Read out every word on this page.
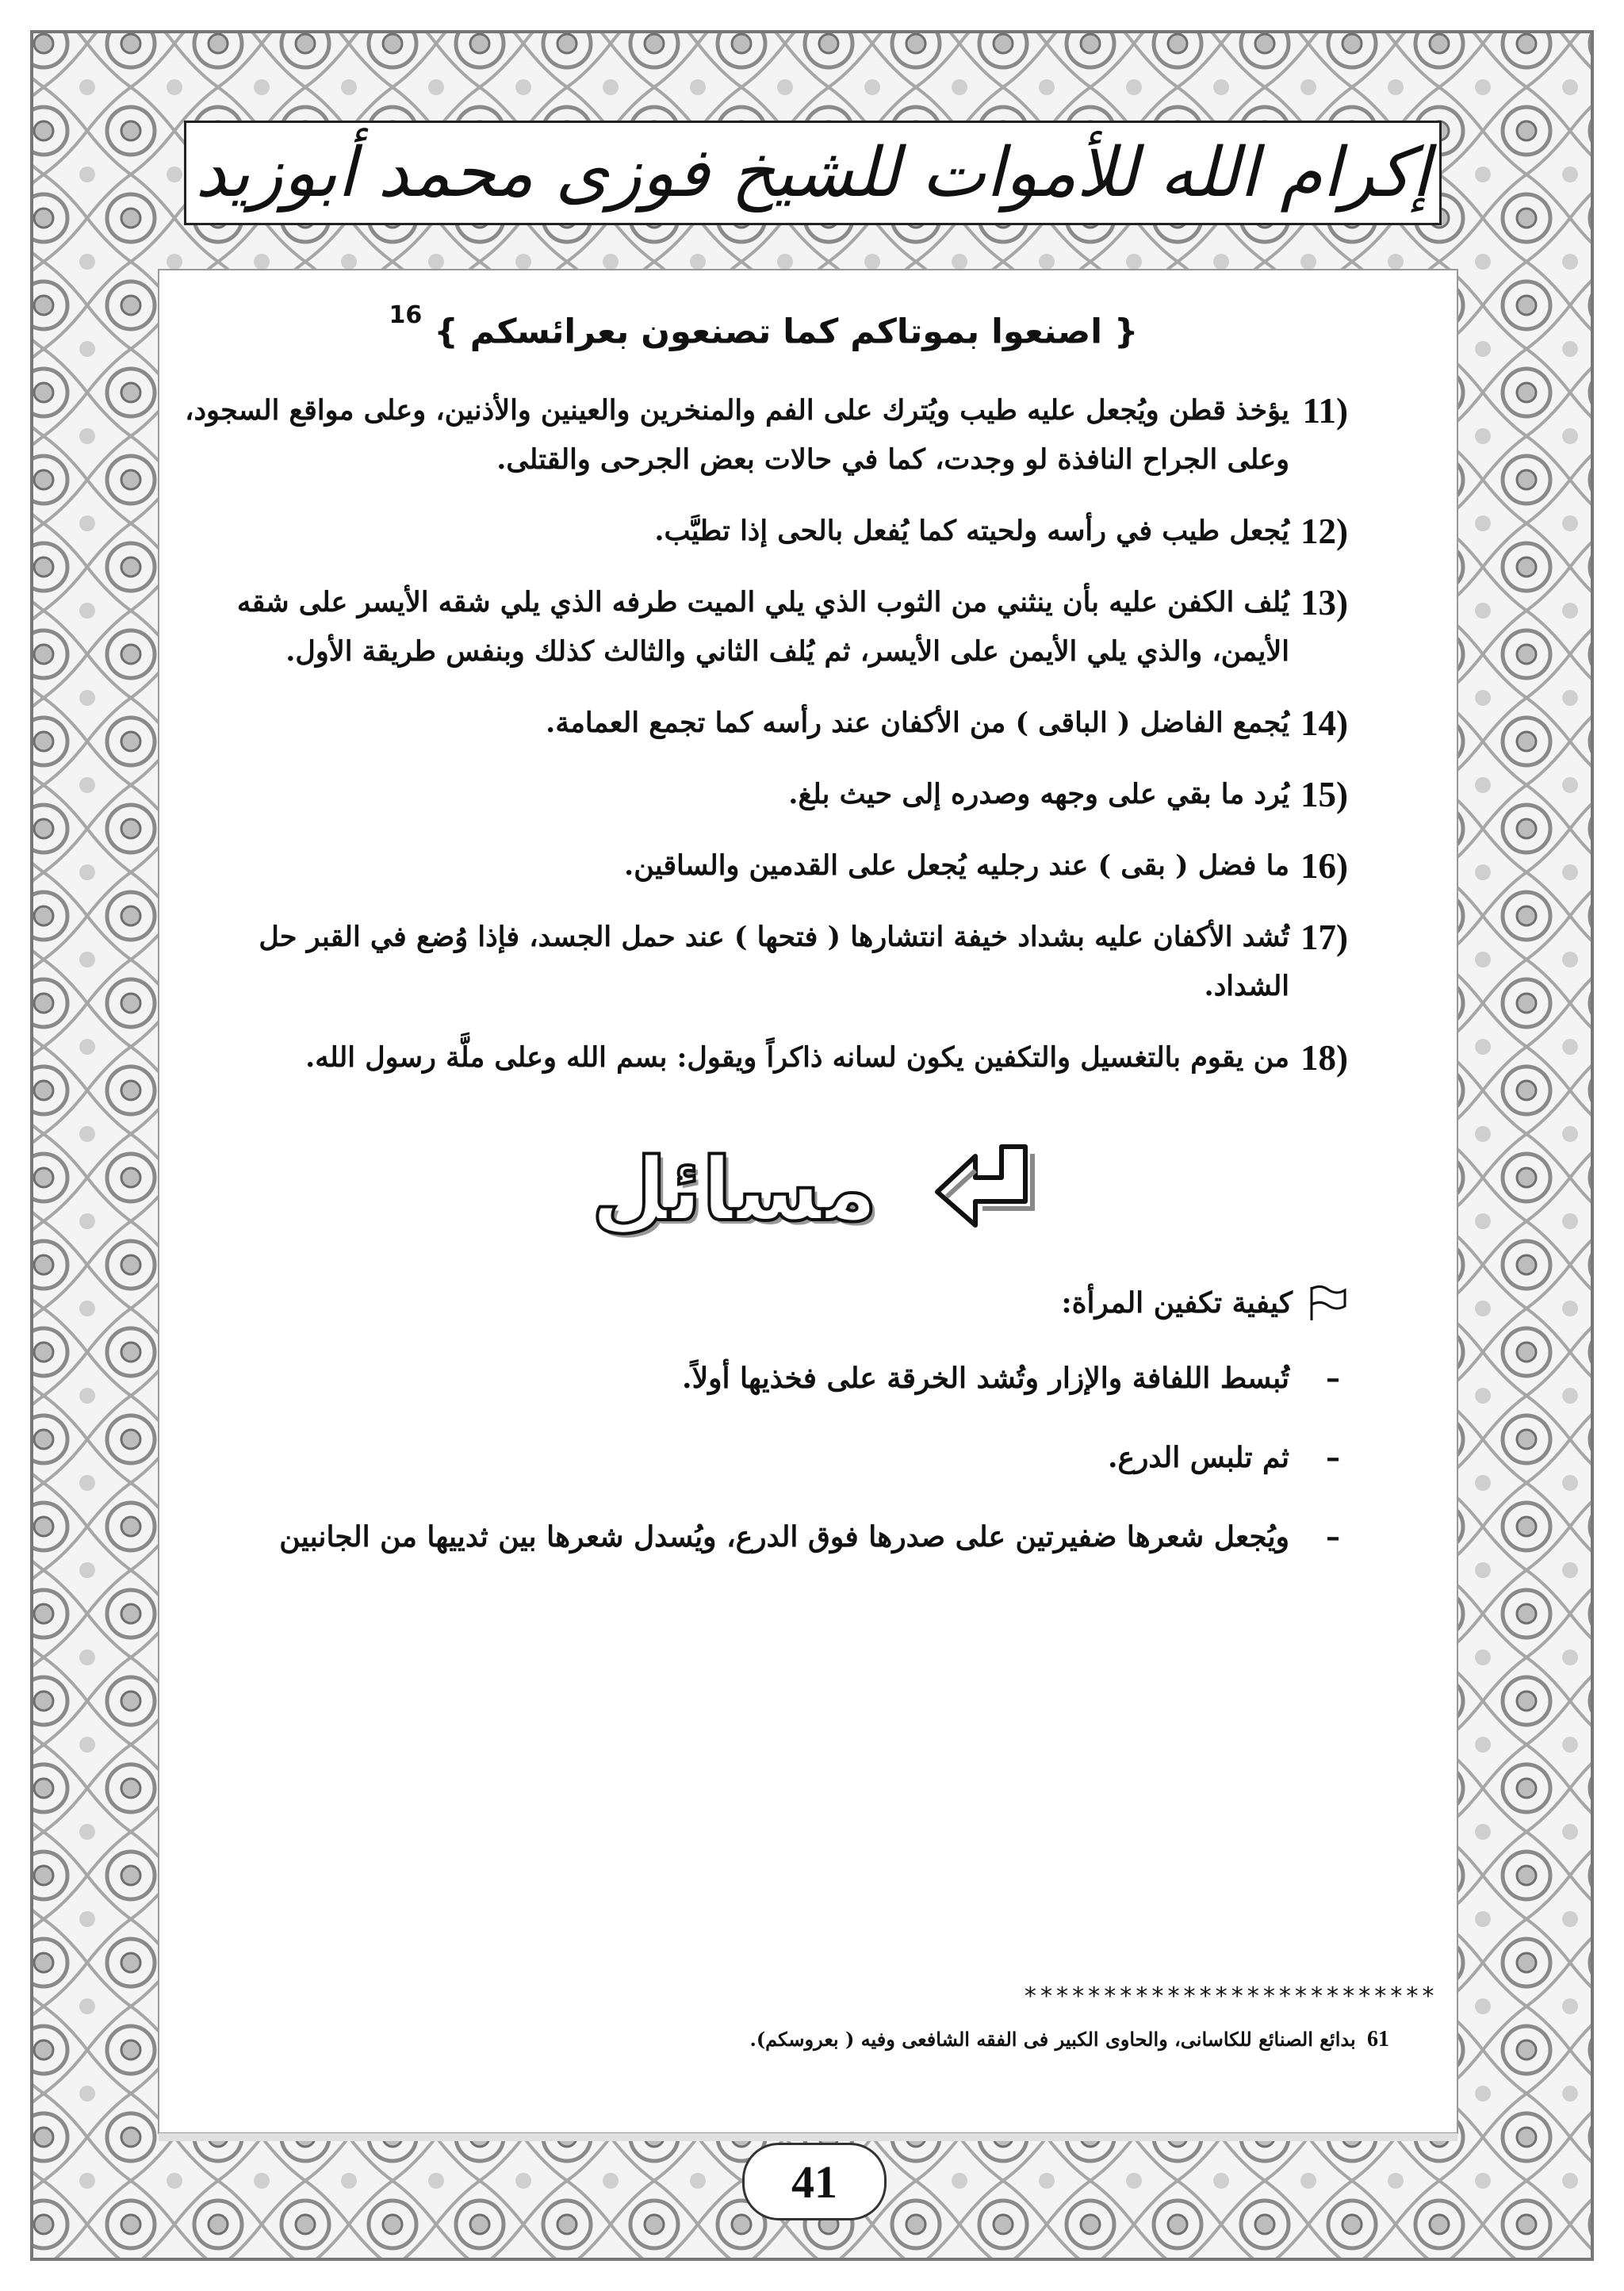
إكرام الله للأموات للشيخ فوزى محمد أبوزيد
{ اصنعوا بموتاكم كما تصنعون بعرائسكم } $^{16}$
11)
يؤخذ قطن ويُجعل عليه طيب ويُترك على الفم والمنخرين والعينين والأذنين، وعلى مواقع السجود، وعلى الجراح النافذة لو وجدت، كما في حالات بعض الجرحى والقتلى.
12)
يُجعل طيب في رأسه ولحيته كما يُفعل بالحى إذا تطيَّب.
13)
يُلف الكفن عليه بأن ينثني من الثوب الذي يلي الميت طرفه الذي يلي شقه الأيسر على شقه الأيمن، والذي يلي الأيمن على الأيسر، ثم يُلف الثاني والثالث كذلك وبنفس طريقة الأول.
14)
يُجمع الفاضل ( الباقى ) من الأكفان عند رأسه كما تجمع العمامة.
15)
يُرد ما بقي على وجهه وصدره إلى حيث بلغ.
16)
ما فضل ( بقى ) عند رجليه يُجعل على القدمين والساقين.
17)
تُشد الأكفان عليه بشداد خيفة انتشارها ( فتحها ) عند حمل الجسد، فإذا وُضع في القبر حل الشداد.
18)
من يقوم بالتغسيل والتكفين يكون لسانه ذاكراً ويقول: بسم الله وعلى ملَّة رسول الله.
مسائل
كيفية تكفين المرأة:
–
تُبسط اللفافة والإزار وتُشد الخرقة على فخذيها أولاً.
–
ثم تلبس الدرع.
–
ويُجعل شعرها ضفيرتين على صدرها فوق الدرع، ويُسدل شعرها بين ثدييها من الجانبين
**************************
61 بدائع الصنائع للكاسانى، والحاوى الكبير فى الفقه الشافعى وفيه ( بعروسكم).
41
